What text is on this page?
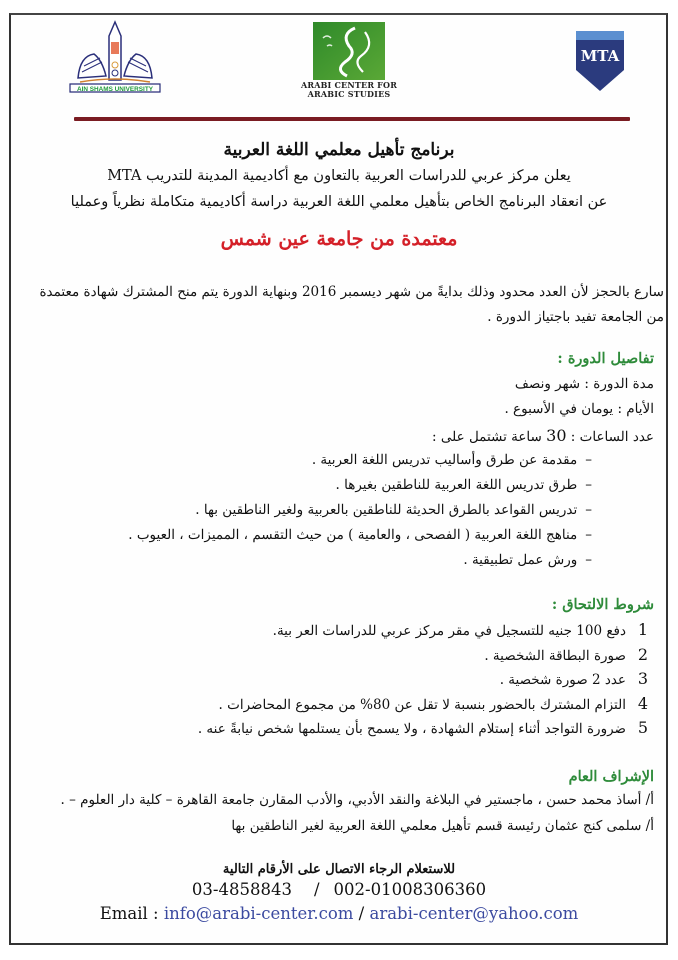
AIN SHAMS UNIVERSITY	ARABI CENTER FOR ARABIC STUDIES
MTA
برنامج تأهيل معلمي اللغة العربية
يعلن مركز عربي للدراسات العربية بالتعاون مع أكاديمية المدينة للتدريب MTA
عن انعقاد البرنامج الخاص بتأهيل معلمي اللغة العربية دراسة أكاديمية متكاملة نظرياً وعمليا
معتمدة من جامعة عين شمس
سارع بالحجز لأن العدد محدود وذلك بدايةً من شهر ديسمبر 2016 وبنهاية الدورة يتم منح المشترك شهادة معتمدة من الجامعة تفيد باجتياز الدورة .
تفاصيل الدورة :
مدة الدورة : شهر ونصف
الأيام : يومان في الأسبوع .
عدد الساعات : 30 ساعة تشتمل على :
–مقدمة عن طرق وأساليب تدريس اللغة العربية .
–طرق تدريس اللغة العربية للناطقين بغيرها .
–تدريس القواعد بالطرق الحديثة للناطقين بالعربية ولغير الناطقين بها .
–مناهج اللغة العربية ( الفصحى ، والعامية ) من حيث التقسم ، المميزات ، العيوب .
–ورش عمل تطبيقية .
شروط الالتحاق :
1دفع 100 جنيه للتسجيل في مقر مركز عربي للدراسات العر بية.
2صورة البطاقة الشخصية .
3عدد 2 صورة شخصية .
4التزام المشترك بالحضور بنسبة لا تقل عن 80% من مجموع المحاضرات .
5ضرورة التواجد أثناء إستلام الشهادة ، ولا يسمح بأن يستلمها شخص نيابةً عنه .
الإشراف العام
أ/ أساذ محمد حسن ، ماجستير في البلاغة والنقد الأدبي، والأدب المقارن جامعة القاهرة – كلية دار العلوم – .
أ/ سلمى كنج عثمان رئيسة قسم تأهيل معلمي اللغة العربية لغير الناطقين بها
للاستعلام الرجاء الاتصال على الأرقام التالية
03-4858843 / 002-01008306360
Email : info@arabi-center.com / arabi-center@yahoo.com
